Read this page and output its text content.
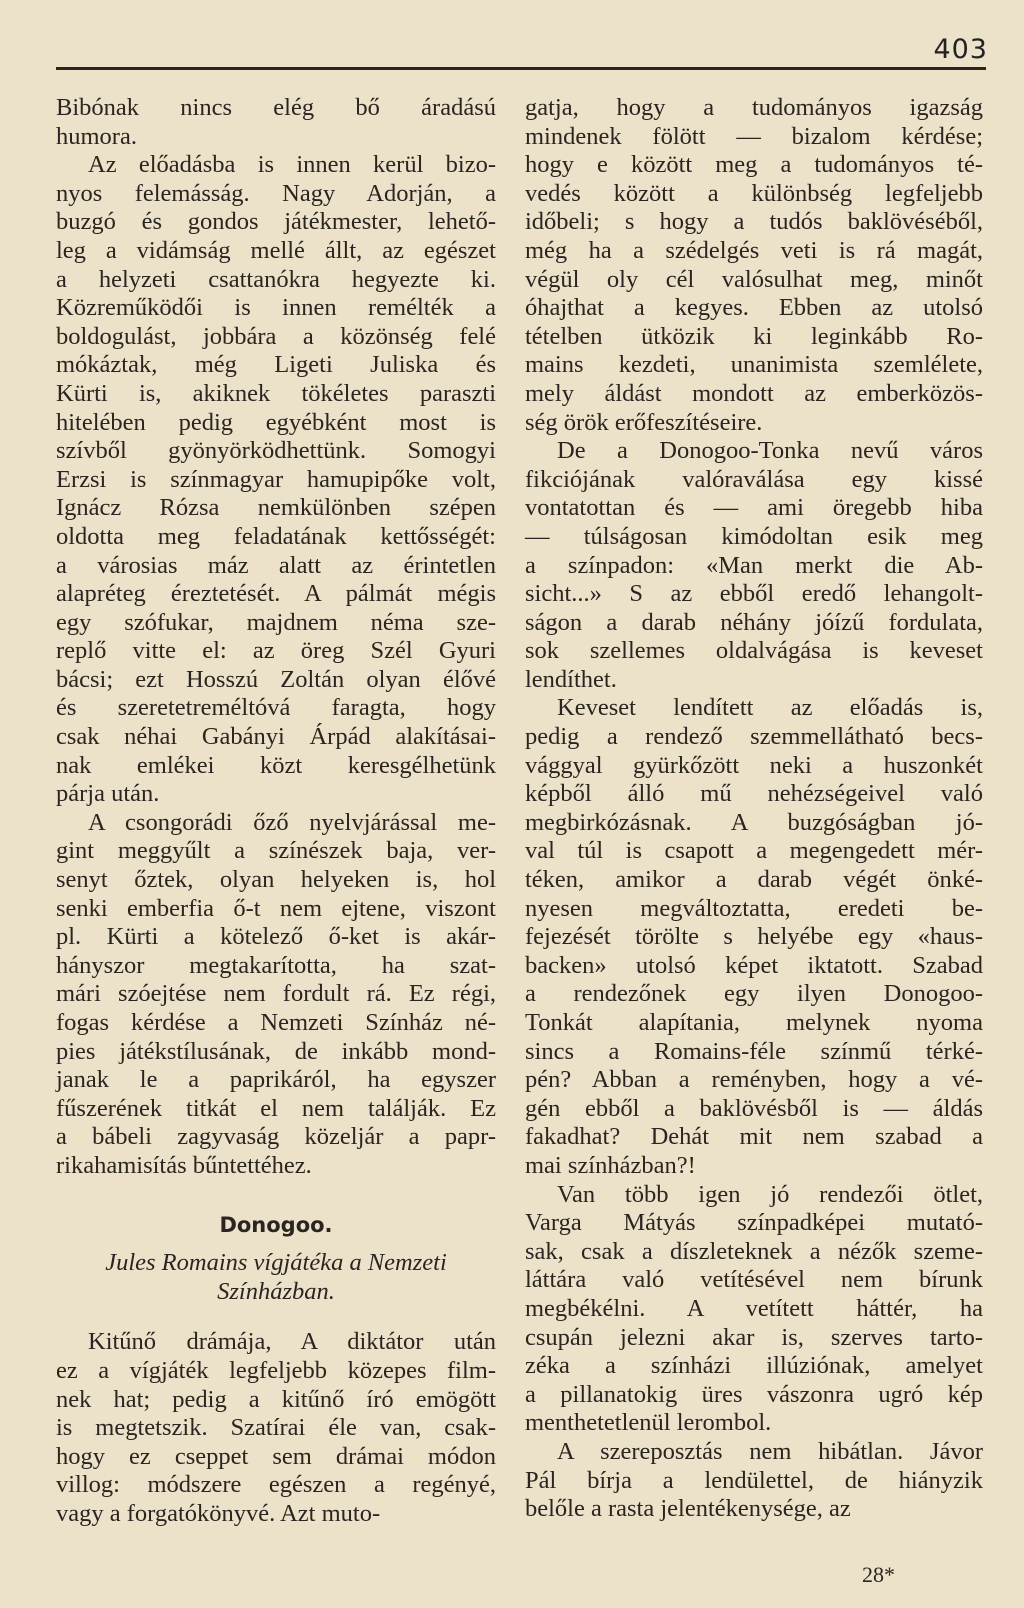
403

Bibónak nincs elég bő áradású
humora.

Az előadásba is innen kerül bizo-
nyos felemásság. Nagy Adorján, a
buzgó és gondos játékmester, lehető-
leg a vidámság mellé állt, az egészet
a helyzeti csattanókra hegyezte ki.
Közreműködői is innen remélték a
boldogulást, jobbára a közönség felé
mókáztak, még Ligeti Juliska és
Kürti is, akiknek tökéletes paraszti
hitelében pedig egyébként most is
szívből gyönyörködhettünk. Somogyi
Erzsi is színmagyar hamupipőke volt,
Ignácz Rózsa nemkülönben szépen
oldotta meg feladatának kettősségét:
a városias máz alatt az érintetlen
alapréteg éreztetését. A pálmát mégis
egy szófukar, majdnem néma sze-
replő vitte el: az öreg Szél Gyuri
bácsi; ezt Hosszú Zoltán olyan élővé
és szeretetreméltóvá faragta, hogy
csak néhai Gabányi Árpád alakításai-
nak emlékei közt keresgélhetünk
párja után.

A csongorádi őző nyelvjárással me-
gint meggyűlt a színészek baja, ver-
senyt őztek, olyan helyeken is, hol
senki emberfia ő-t nem ejtene, viszont
pl. Kürti a kötelező ő-ket is akár-
hányszor megtakarította, ha szat-
mári szóejtése nem fordult rá. Ez régi,
fogas kérdése a Nemzeti Színház né-
pies játékstílusának, de inkább mond-
janak le a paprikáról, ha egyszer
fűszerének titkát el nem találják. Ez
a bábeli zagyvaság közeljár a papr-
rikahamisítás bűntettéhez.

Donogoo.
Jules Romains vígjátéka a Nemzeti
Színházban.

Kitűnő drámája, A diktátor után
ez a vígjáték legfeljebb közepes film-
nek hat; pedig a kitűnő író emögött
is megtetszik. Szatírai éle van, csak-
hogy ez cseppet sem drámai módon
villog: módszere egészen a regényé,
vagy a forgatókönyvé. Azt muto-

gatja, hogy a tudományos igazság
mindenek fölött — bizalom kérdése;
hogy e között meg a tudományos té-
vedés között a különbség legfeljebb
időbeli; s hogy a tudós baklövéséből,
még ha a szédelgés veti is rá magát,
végül oly cél valósulhat meg, minőt
óhajthat a kegyes. Ebben az utolsó
tételben ütközik ki leginkább Ro-
mains kezdeti, unanimista szemlélete,
mely áldást mondott az emberközös-
ség örök erőfeszítéseire.

De a Donogoo-Tonka nevű város
fikciójának valóraválása egy kissé
vontatottan és — ami öregebb hiba
— túlságosan kimódoltan esik meg
a színpadon: «Man merkt die Ab-
sicht...» S az ebből eredő lehangolt-
ságon a darab néhány jóízű fordulata,
sok szellemes oldalvágása is keveset
lendíthet.

Keveset lendített az előadás is,
pedig a rendező szemmellátható becs-
vággyal gyürkőzött neki a huszonkét
képből álló mű nehézségeivel való
megbirkózásnak. A buzgóságban jó-
val túl is csapott a megengedett mér-
téken, amikor a darab végét önké-
nyesen megváltoztatta, eredeti be-
fejezését törölte s helyébe egy «haus-
backen» utolsó képet iktatott. Szabad
a rendezőnek egy ilyen Donogoo-
Tonkát alapítania, melynek nyoma
sincs a Romains-féle színmű térké-
pén? Abban a reményben, hogy a vé-
gén ebből a baklövésből is — áldás
fakadhat? Dehát mit nem szabad a
mai színházban?!

Van több igen jó rendezői ötlet,
Varga Mátyás színpadképei mutató-
sak, csak a díszleteknek a nézők szeme-
láttára való vetítésével nem bírunk
megbékélni. A vetített háttér, ha
csupán jelezni akar is, szerves tarto-
zéka a színházi illúziónak, amelyet
a pillanatokig üres vászonra ugró kép
menthetetlenül lerombol.

A szereposztás nem hibátlan. Jávor
Pál bírja a lendülettel, de hiányzik
belőle a rasta jelentékenysége, az

28*
